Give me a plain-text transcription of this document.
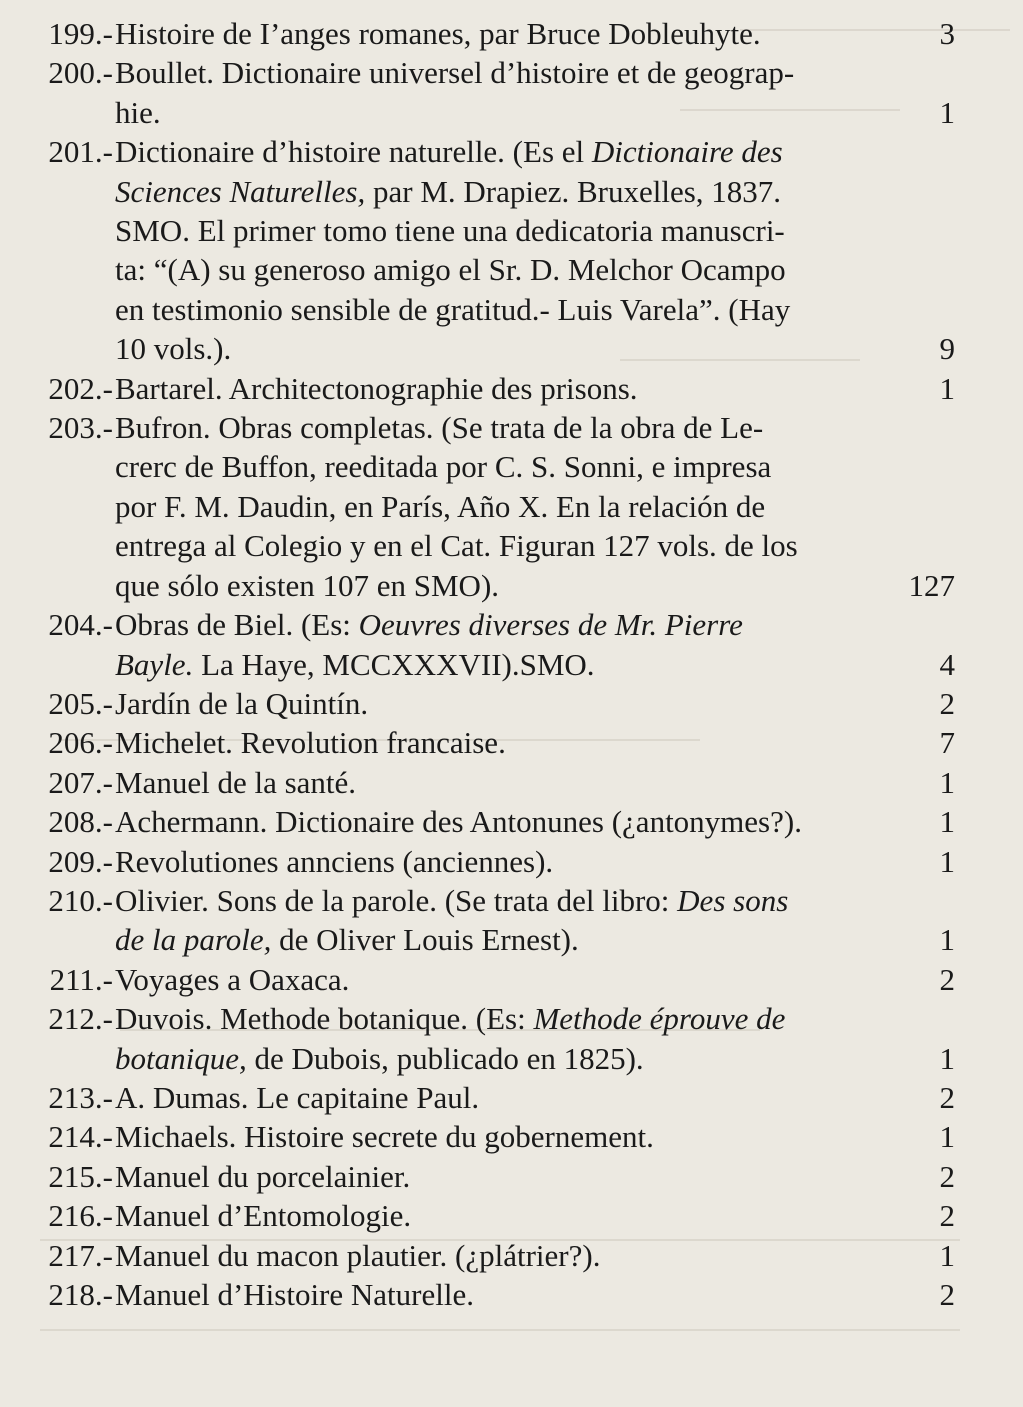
199.- Histoire de I’anges romanes, par Bruce Dobleuhyte.	3
200.- Boullet. Dictionaire universel d’histoire et de geograp-
hie.	1
201.- Dictionaire d’histoire naturelle. (Es el Dictionaire des
Sciences Naturelles, par M. Drapiez. Bruxelles, 1837.
SMO. El primer tomo tiene una dedicatoria manuscri-
ta: “(A) su generoso amigo el Sr. D. Melchor Ocampo
en testimonio sensible de gratitud.- Luis Varela”. (Hay
10 vols.).	9
202.- Bartarel. Architectonographie des prisons.	1
203.- Bufron. Obras completas. (Se trata de la obra de Le-
crerc de Buffon, reeditada por C. S. Sonni, e impresa
por F. M. Daudin, en París, Año X. En la relación de
entrega al Colegio y en el Cat. Figuran 127 vols. de los
que sólo existen 107 en SMO).	127
204.- Obras de Biel. (Es: Oeuvres diverses de Mr. Pierre
Bayle. La Haye, MCCXXXVII).SMO.	4
205.- Jardín de la Quintín.	2
206.- Michelet. Revolution francaise.	7
207.- Manuel de la santé.	1
208.- Achermann. Dictionaire des Antonunes (¿antonymes?).	1
209.- Revolutiones annciens (anciennes).	1
210.- Olivier. Sons de la parole. (Se trata del libro: Des sons
de la parole, de Oliver Louis Ernest).	1
211.- Voyages a Oaxaca.	2
212.- Duvois. Methode botanique. (Es: Methode éprouve de
botanique, de Dubois, publicado en 1825).	1
213.- A. Dumas. Le capitaine Paul.	2
214.- Michaels. Histoire secrete du gobernement.	1
215.- Manuel du porcelainier.	2
216.- Manuel d’Entomologie.	2
217.- Manuel du macon plautier. (¿plátrier?).	1
218.- Manuel d’Histoire Naturelle.	2
